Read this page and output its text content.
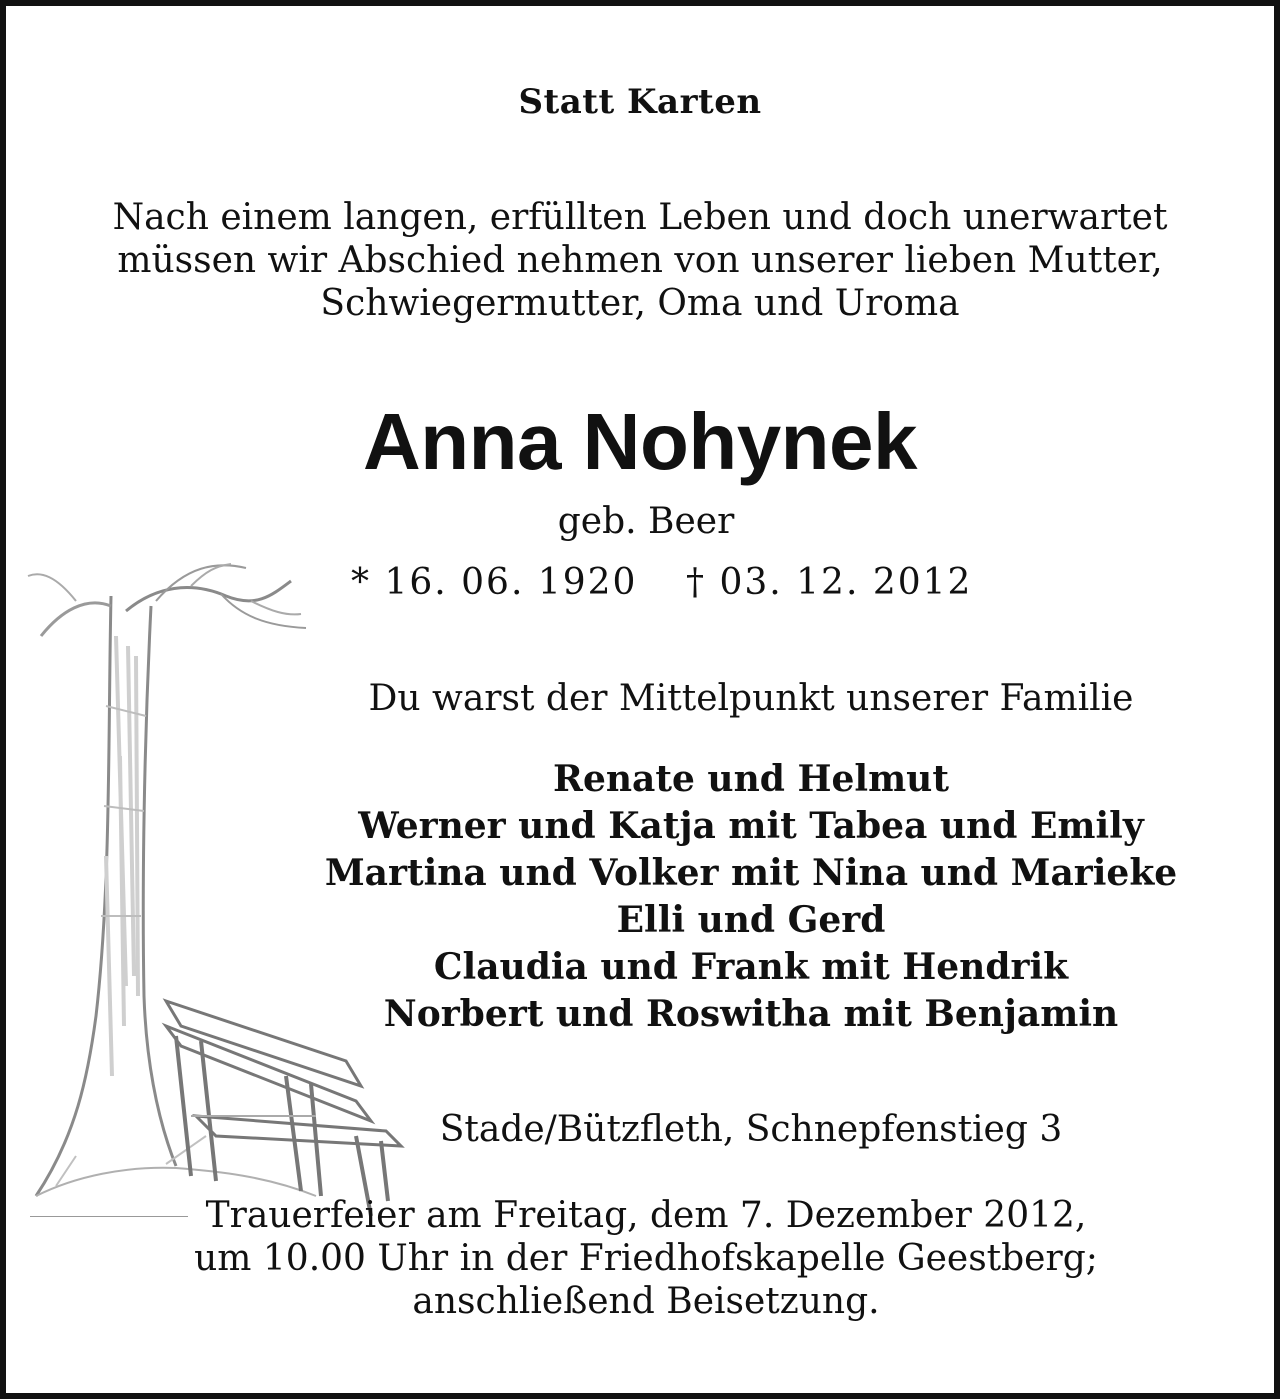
Statt Karten
Nach einem langen, erfüllten Leben und doch unerwartet
müssen wir Abschied nehmen von unserer lieben Mutter,
Schwiegermutter, Oma und Uroma
Anna Nohynek
geb. Beer
* 16. 06. 1920 † 03. 12. 2012
Du warst der Mittelpunkt unserer Familie
Renate und Helmut
Werner und Katja mit Tabea und Emily
Martina und Volker mit Nina und Marieke
Elli und Gerd
Claudia und Frank mit Hendrik
Norbert und Roswitha mit Benjamin
Stade/Bützfleth, Schnepfenstieg 3
Trauerfeier am Freitag, dem 7. Dezember 2012,
um 10.00 Uhr in der Friedhofskapelle Geestberg;
anschließend Beisetzung.
